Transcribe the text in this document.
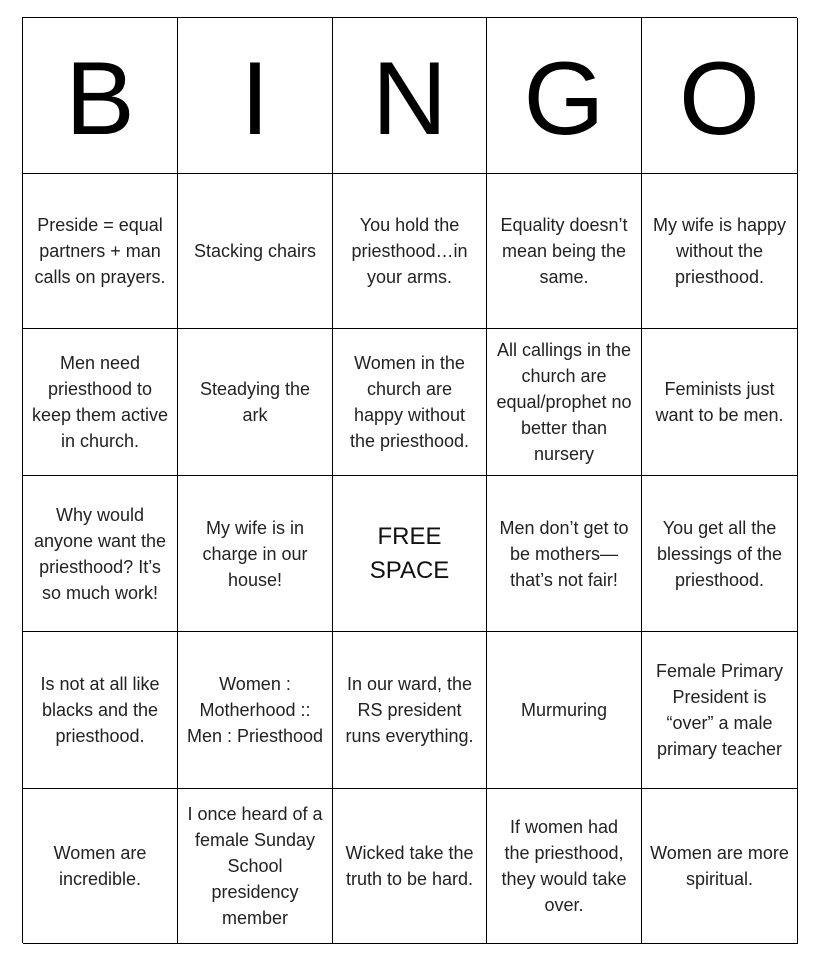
B	I N G O
Preside = equal partners + man calls on prayers.
Stacking chairs
You hold the priesthood…in your arms.
Equality doesn’t mean being the same.
My wife is happy without the priesthood.
Men need priesthood to keep them active in church.
Steadying the ark
Women in the church are happy without the priesthood.
All callings in the church are equal/prophet no better than nursery
Feminists just want to be men.
Why would anyone want the priesthood? It’s so much work!
My wife is in charge in our house!
FREE SPACE
Men don’t get to be mothers—that’s not fair!
You get all the blessings of the priesthood.
Is not at all like blacks and the priesthood.
Women : Motherhood :: Men : Priesthood
In our ward, the RS president runs everything.
Murmuring
Female Primary President is “over” a male primary teacher
Women are incredible.
I once heard of a female Sunday School presidency member
Wicked take the truth to be hard.
If women had the priesthood, they would take over.
Women are more spiritual.
